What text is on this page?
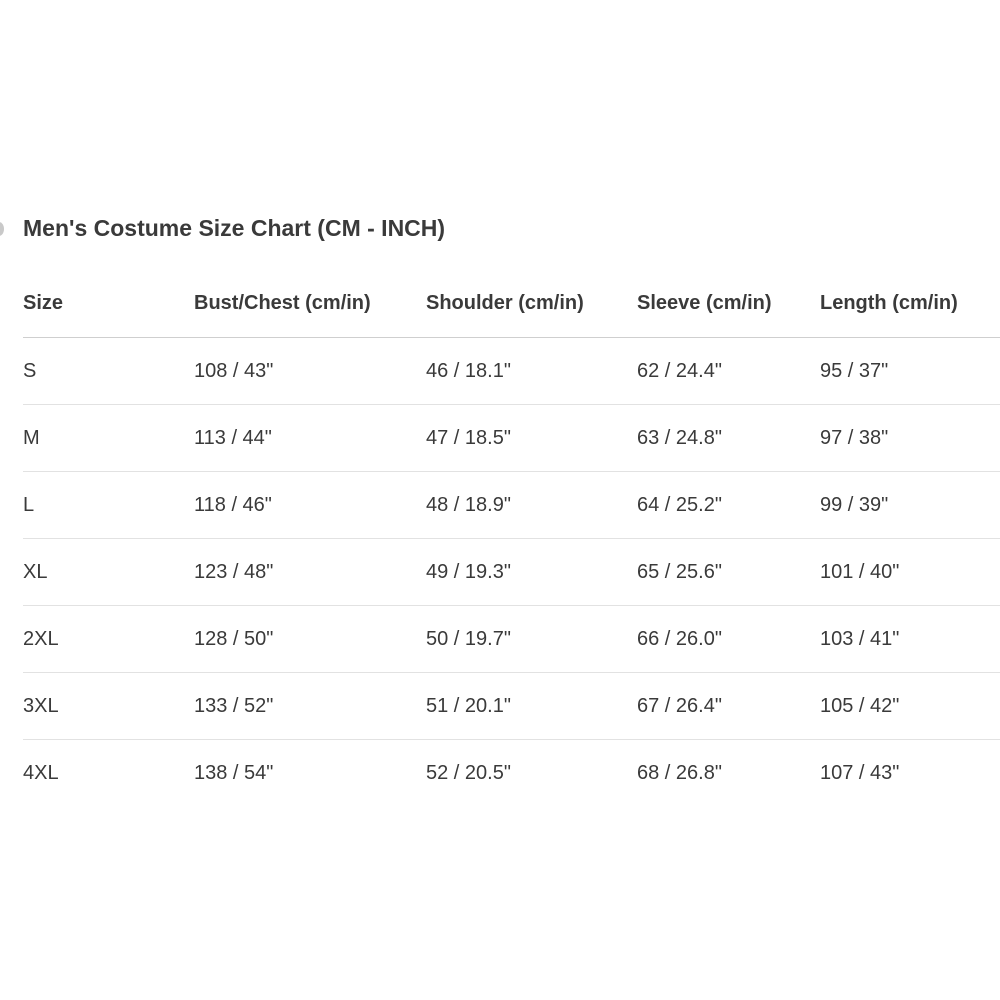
Men's Costume Size Chart (CM - INCH)
Size	Bust/Chest (cm/in)	Shoulder (cm/in)	Sleeve (cm/in)	Length (cm/in)
S	108 / 43"	46 / 18.1"	62 / 24.4"	95 / 37"
M	113 / 44"	47 / 18.5"	63 / 24.8"	97 / 38"
L	118 / 46"	48 / 18.9"	64 / 25.2"	99 / 39"
XL	123 / 48"	49 / 19.3"	65 / 25.6"	101 / 40"
2XL	128 / 50"	50 / 19.7"	66 / 26.0"	103 / 41"
3XL	133 / 52"	51 / 20.1"	67 / 26.4"	105 / 42"
4XL	138 / 54"	52 / 20.5"	68 / 26.8"	107 / 43"
